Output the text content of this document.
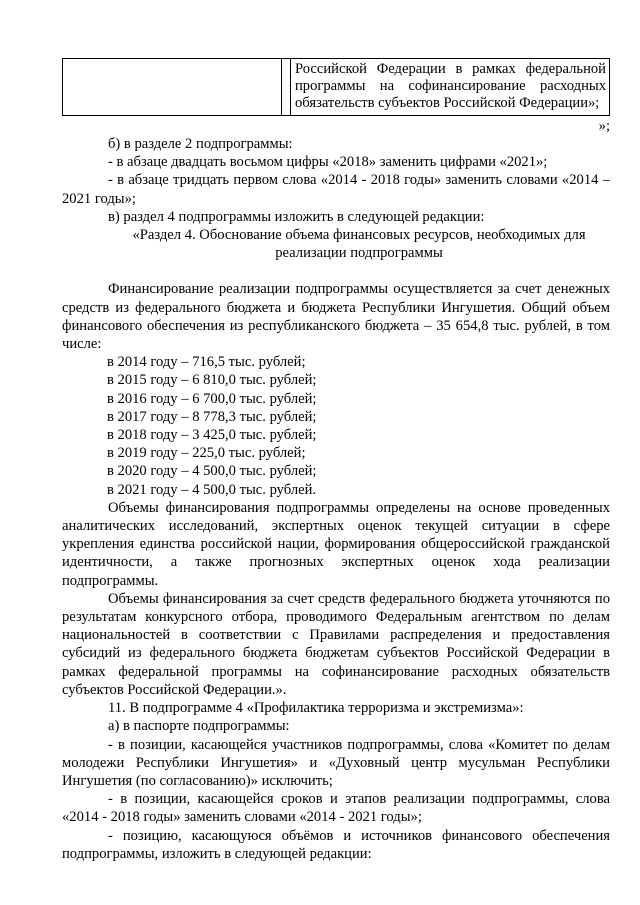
Российской Федерации в рамках федеральной программы на софинансирование расходных обязательств субъектов Российской Федерации»;
»;

б) в разделе 2 подпрограммы:

- в абзаце двадцать восьмом цифры «2018» заменить цифрами «2021»;

- в абзаце тридцать первом слова «2014 - 2018 годы» заменить словами «2014 – 2021 годы»;

в) раздел 4 подпрограммы изложить в следующей редакции:

«Раздел 4. Обоснование объема финансовых ресурсов, необходимых для реализации подпрограммы

Финансирование реализации подпрограммы осуществляется за счет денежных средств из федерального бюджета и бюджета Республики Ингушетия. Общий объем финансового обеспечения из республиканского бюджета – 35 654,8 тыс. рублей, в том числе:

в 2014 году – 716,5 тыс. рублей;

в 2015 году – 6 810,0 тыс. рублей;

в 2016 году – 6 700,0 тыс. рублей;

в 2017 году – 8 778,3 тыс. рублей;

в 2018 году – 3 425,0 тыс. рублей;

в 2019 году – 225,0 тыс. рублей;

в 2020 году – 4 500,0 тыс. рублей;

в 2021 году – 4 500,0 тыс. рублей.

Объемы финансирования подпрограммы определены на основе проведенных аналитических исследований, экспертных оценок текущей ситуации в сфере укрепления единства российской нации, формирования общероссийской гражданской идентичности, а также прогнозных экспертных оценок хода реализации подпрограммы.

Объемы финансирования за счет средств федерального бюджета уточняются по результатам конкурсного отбора, проводимого Федеральным агентством по делам национальностей в соответствии с Правилами распределения и предоставления субсидий из федерального бюджета бюджетам субъектов Российской Федерации в рамках федеральной программы на софинансирование расходных обязательств субъектов Российской Федерации.».

11. В подпрограмме 4 «Профилактика терроризма и экстремизма»:

а) в паспорте подпрограммы:

- в позиции, касающейся участников подпрограммы, слова «Комитет по делам молодежи Республики Ингушетия» и «Духовный центр мусульман Республики Ингушетия (по согласованию)» исключить;

- в позиции, касающейся сроков и этапов реализации подпрограммы, слова «2014 - 2018 годы» заменить словами «2014 - 2021 годы»;

- позицию, касающуюся объёмов и источников финансового обеспечения подпрограммы, изложить в следующей редакции:
